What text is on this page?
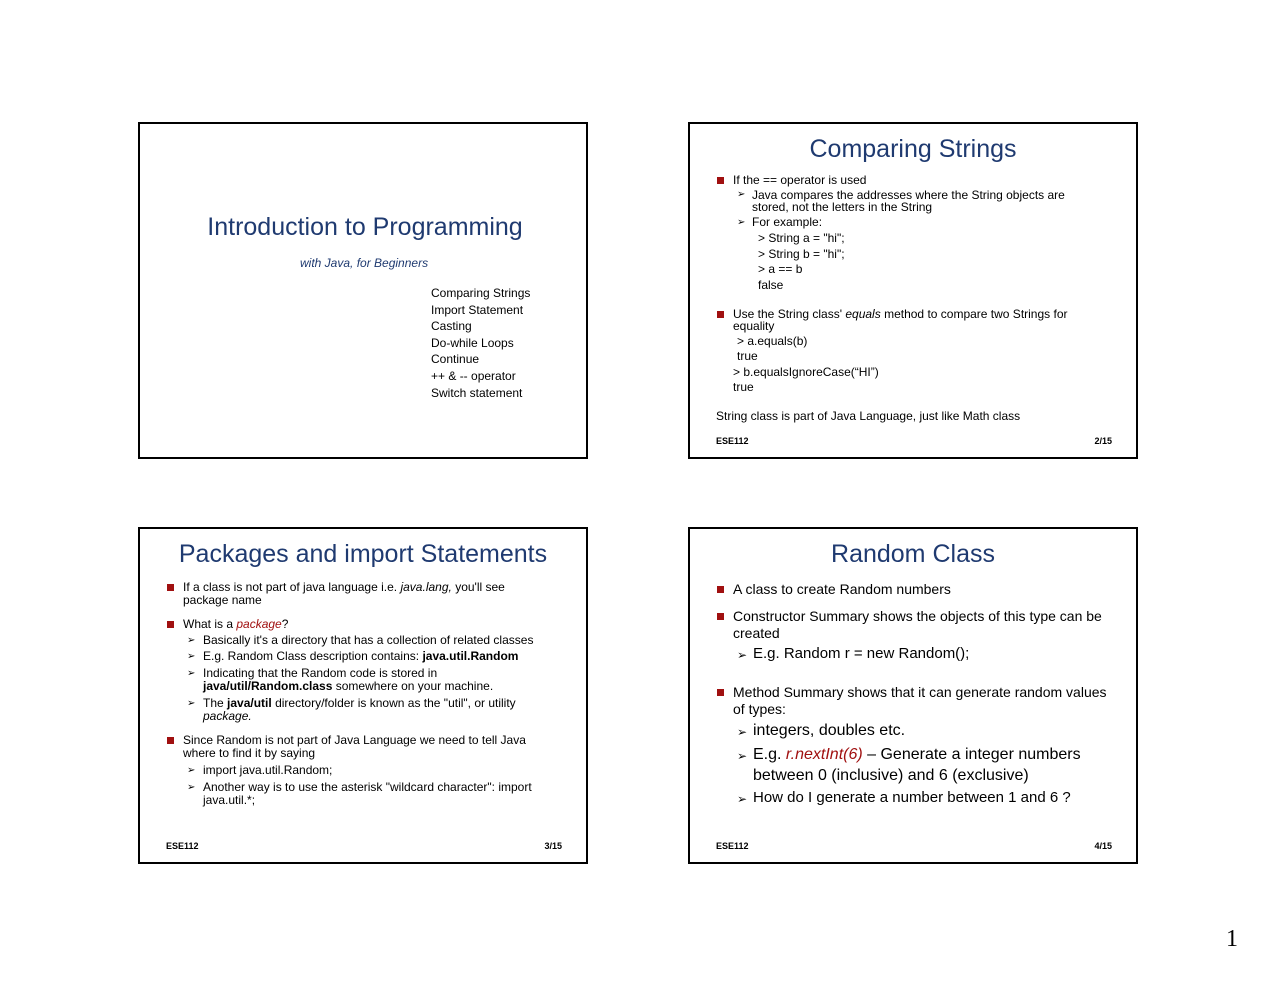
Introduction to Programming
with Java, for Beginners
Comparing Strings
Import Statement
Casting
Do-while Loops
Continue
++ & -- operator
Switch statement
Comparing Strings
If the == operator is used
➢ Java compares the addresses where the String objects are
stored, not the letters in the String
➢ For example:
> String a = "hi";
> String b = "hi";
> a == b
false
Use the String class' equals method to compare two Strings for
equality
> a.equals(b)
true
> b.equalsIgnoreCase(“HI”)
true
String class is part of Java Language, just like Math class
ESE112	2/15
Packages and import Statements
If a class is not part of java language i.e. java.lang, you'll see
package name
What is a package?
➢ Basically it's a directory that has a collection of related classes
➢ E.g. Random Class description contains: java.util.Random
➢ Indicating that the Random code is stored in
java/util/Random.class somewhere on your machine.
➢ The java/util directory/folder is known as the "util", or utility
package.
Since Random is not part of Java Language we need to tell Java
where to find it by saying
➢ import java.util.Random;
➢ Another way is to use the asterisk "wildcard character": import
java.util.*;
ESE112	3/15
Random Class
A class to create Random numbers
Constructor Summary shows the objects of this type can be
created
➢ E.g. Random r = new Random();
Method Summary shows that it can generate random values
of types:
➢ integers, doubles etc.
➢ E.g. r.nextInt(6) – Generate a integer numbers
between 0 (inclusive) and 6 (exclusive)
➢ How do I generate a number between 1 and 6 ?
ESE112	4/15
1
